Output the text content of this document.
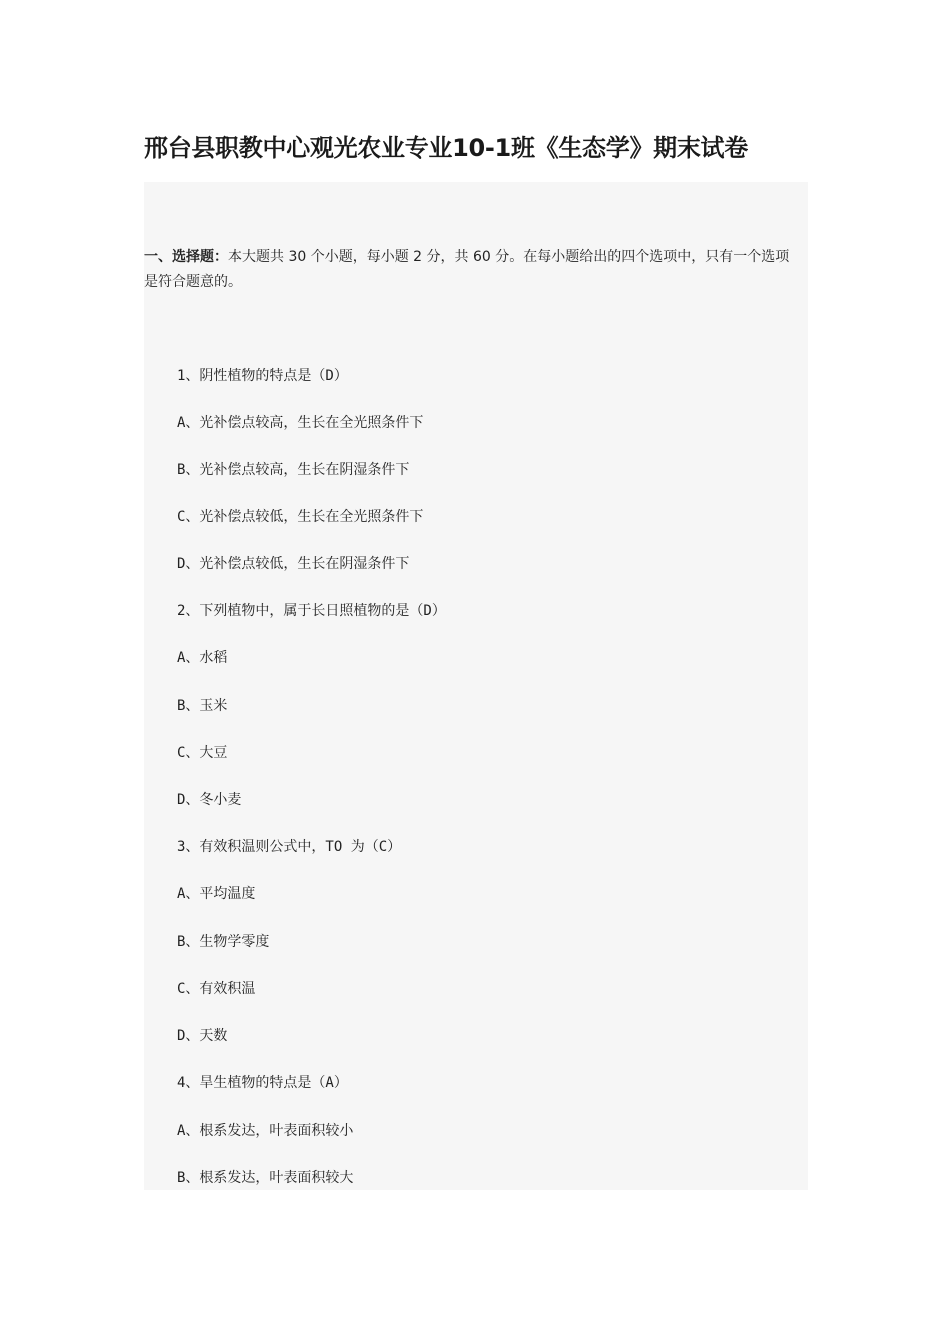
邢台县职教中心观光农业专业10-1班《生态学》期末试卷
一、选择题：本大题共 30 个小题，每小题 2 分，共 60 分。在每小题给出的四个选项中，只有一个选项是符合题意的。
1、阴性植物的特点是（D）
A、光补偿点较高，生长在全光照条件下
B、光补偿点较高，生长在阴湿条件下
C、光补偿点较低，生长在全光照条件下
D、光补偿点较低，生长在阴湿条件下
2、下列植物中，属于长日照植物的是（D）
A、水稻
B、玉米
C、大豆
D、冬小麦
3、有效积温则公式中，TO 为（C）
A、平均温度
B、生物学零度
C、有效积温
D、天数
4、旱生植物的特点是（A）
A、根系发达，叶表面积较小
B、根系发达，叶表面积较大
